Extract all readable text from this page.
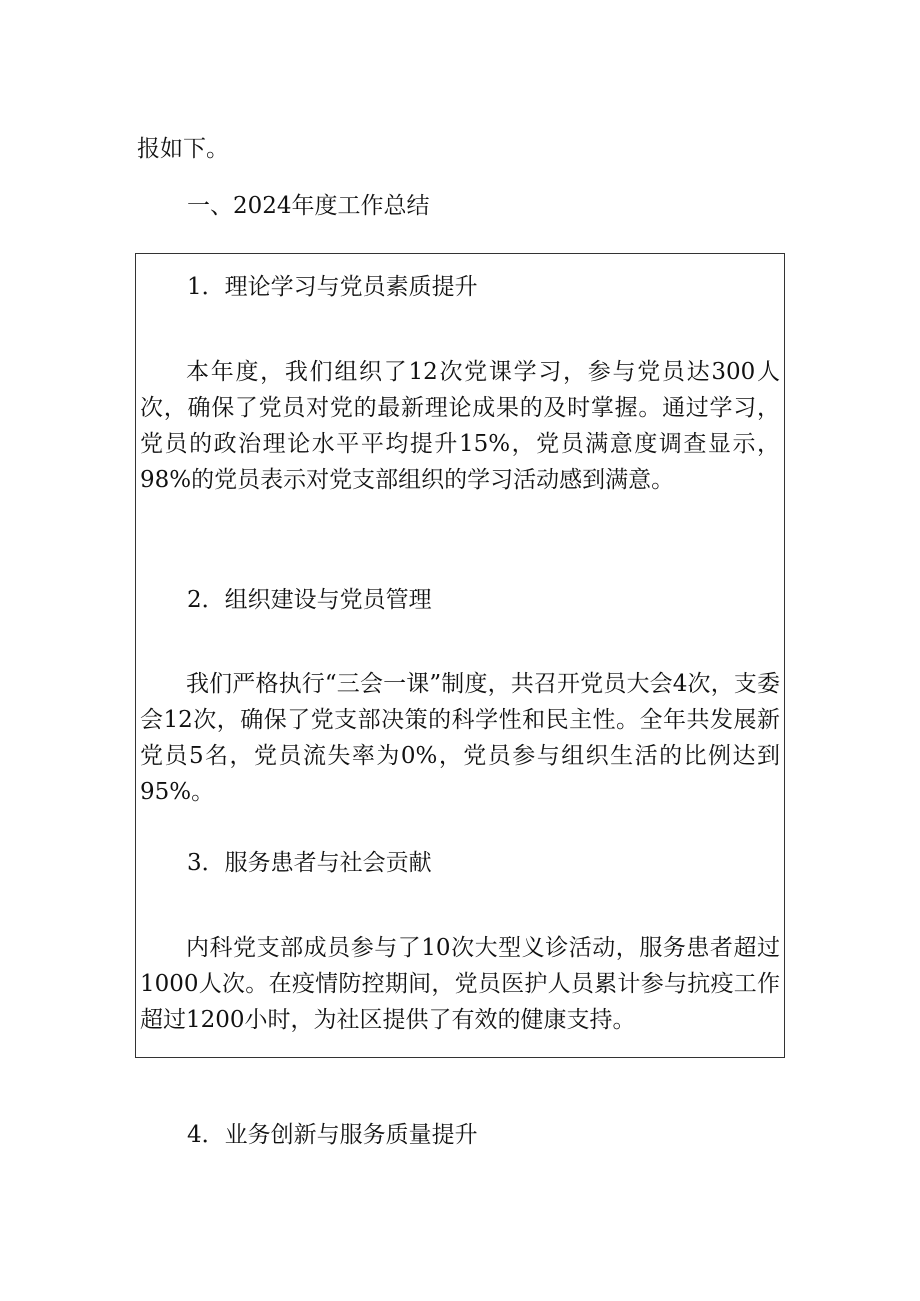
报如下。

一、2024年度工作总结

1．理论学习与党员素质提升

本年度，我们组织了12次党课学习，参与党员达300人次，确保了党员对党的最新理论成果的及时掌握。通过学习，党员的政治理论水平平均提升15%，党员满意度调查显示，98%的党员表示对党支部组织的学习活动感到满意。

2．组织建设与党员管理

我们严格执行“三会一课”制度，共召开党员大会4次，支委会12次，确保了党支部决策的科学性和民主性。全年共发展新党员5名，党员流失率为0%，党员参与组织生活的比例达到95%。

3．服务患者与社会贡献

内科党支部成员参与了10次大型义诊活动，服务患者超过1000人次。在疫情防控期间，党员医护人员累计参与抗疫工作超过1200小时，为社区提供了有效的健康支持。

4．业务创新与服务质量提升
